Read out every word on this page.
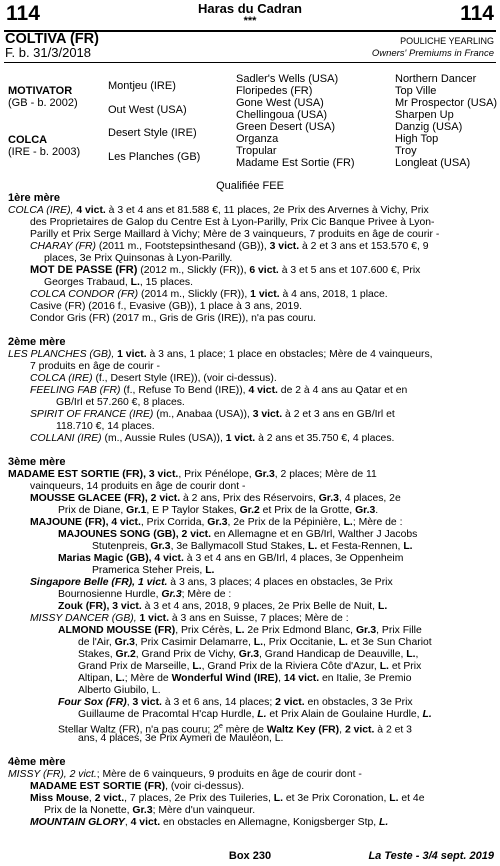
114	114
Haras du Cadran
***
COLTIVA (FR)
F. b. 31/3/2018
POULICHE YEARLING
Owners' Premiums in France
MOTIVATOR
(GB - b. 2002)
COLCA
(IRE - b. 2003)
Montjeu (IRE)
Out West (USA)
Desert Style (IRE)
Les Planches (GB)
Sadler's Wells (USA)
Floripedes (FR)
Gone West (USA)
Chellingoua (USA)
Green Desert (USA)
Organza
Tropular
Madame Est Sortie (FR)
Northern Dancer
Top Ville
Mr Prospector (USA)
Sharpen Up
Danzig (USA)
High Top
Troy
Longleat (USA)
Qualifiée FEE
1ère mère
COLCA (IRE), 4 vict. à 3 et 4 ans et 81.588 €, 11 places, 2e Prix des Arvernes à Vichy, Prix
des Proprietaires de Galop du Centre Est à Lyon-Parilly, Prix Cic Banque Privee à Lyon-
Parilly et Prix Serge Maillard à Vichy; Mère de 3 vainqueurs, 7 produits en âge de courir -
CHARAY (FR) (2011 m., Footstepsinthesand (GB)), 3 vict. à 2 et 3 ans et 153.570 €, 9
places, 3e Prix Quinsonas à Lyon-Parilly.
MOT DE PASSE (FR) (2012 m., Slickly (FR)), 6 vict. à 3 et 5 ans et 107.600 €, Prix
Georges Trabaud, L., 15 places.
COLCA CONDOR (FR) (2014 m., Slickly (FR)), 1 vict. à 4 ans, 2018, 1 place.
Casive (FR) (2016 f., Evasive (GB)), 1 place à 3 ans, 2019.
Condor Gris (FR) (2017 m., Gris de Gris (IRE)), n'a pas couru.
2ème mère
LES PLANCHES (GB), 1 vict. à 3 ans, 1 place; 1 place en obstacles; Mère de 4 vainqueurs,
7 produits en âge de courir -
COLCA (IRE) (f., Desert Style (IRE)), (voir ci-dessus).
FEELING FAB (FR) (f., Refuse To Bend (IRE)), 4 vict. de 2 à 4 ans au Qatar et en
GB/Irl et 57.260 €, 8 places.
SPIRIT OF FRANCE (IRE) (m., Anabaa (USA)), 3 vict. à 2 et 3 ans en GB/Irl et
118.710 €, 14 places.
COLLANI (IRE) (m., Aussie Rules (USA)), 1 vict. à 2 ans et 35.750 €, 4 places.
3ème mère
MADAME EST SORTIE (FR), 3 vict., Prix Pénélope, Gr.3, 2 places; Mère de 11
vainqueurs, 14 produits en âge de courir dont -
MOUSSE GLACEE (FR), 2 vict. à 2 ans, Prix des Réservoirs, Gr.3, 4 places, 2e
Prix de Diane, Gr.1, E P Taylor Stakes, Gr.2 et Prix de la Grotte, Gr.3.
MAJOUNE (FR), 4 vict., Prix Corrida, Gr.3, 2e Prix de la Pépinière, L.; Mère de :
MAJOUNES SONG (GB), 2 vict. en Allemagne et en GB/Irl, Walther J Jacobs
Stutenpreis, Gr.3, 3e Ballymacoll Stud Stakes, L. et Festa-Rennen, L.
Marias Magic (GB), 4 vict. à 3 et 4 ans en GB/Irl, 4 places, 3e Oppenheim
Pramerica Steher Preis, L.
Singapore Belle (FR), 1 vict. à 3 ans, 3 places; 4 places en obstacles, 3e Prix
Bournosienne Hurdle, Gr.3; Mère de :
Zouk (FR), 3 vict. à 3 et 4 ans, 2018, 9 places, 2e Prix Belle de Nuit, L.
MISSY DANCER (GB), 1 vict. à 3 ans en Suisse, 7 places; Mère de :
ALMOND MOUSSE (FR), Prix Cérès, L. 2e Prix Edmond Blanc, Gr.3, Prix Fille
de l'Air, Gr.3, Prix Casimir Delamarre, L., Prix Occitanie, L. et 3e Sun Chariot
Stakes, Gr.2, Grand Prix de Vichy, Gr.3, Grand Handicap de Deauville, L.,
Grand Prix de Marseille, L., Grand Prix de la Riviera Côte d'Azur, L. et Prix
Altipan, L.; Mère de Wonderful Wind (IRE), 14 vict. en Italie, 3e Premio
Alberto Giubilo, L.
Four Sox (FR), 3 vict. à 3 et 6 ans, 14 places; 2 vict. en obstacles, 3 3e Prix
Guillaume de Pracomtal H'cap Hurdle, L. et Prix Alain de Goulaine Hurdle, L.
Stellar Waltz (FR), n'a pas couru; 2e mère de Waltz Key (FR), 2 vict. à 2 et 3
ans, 4 places, 3e Prix Aymeri de Mauléon, L.
4ème mère
MISSY (FR), 2 vict.; Mère de 6 vainqueurs, 9 produits en âge de courir dont -
MADAME EST SORTIE (FR), (voir ci-dessus).
Miss Mouse, 2 vict., 7 places, 2e Prix des Tuileries, L. et 3e Prix Coronation, L. et 4e
Prix de la Nonette, Gr.3; Mère d'un vainqueur.
MOUNTAIN GLORY, 4 vict. en obstacles en Allemagne, Konigsberger Stp, L.
Box 230	La Teste - 3/4 sept. 2019
